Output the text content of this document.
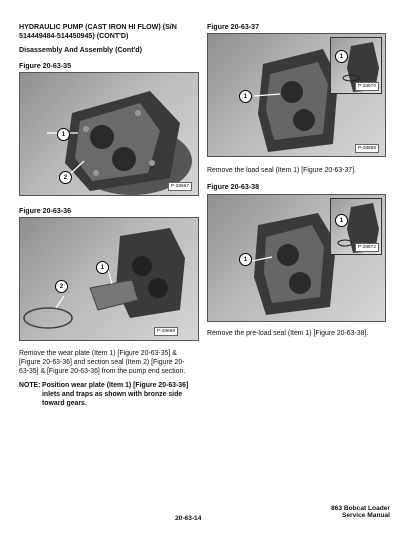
HYDRAULIC PUMP (CAST IRON HI FLOW) (S/N
514449484-514450945) (CONT'D)
Disassembly And Assembly (Cont'd)
Figure 20-63-35
1
2
P-28667
Figure 20-63-36
1
2
P-28668
Remove the wear plate (Item 1) [Figure 20-63-35] &
[Figure 20-63-36] and section seal (Item 2) [Figure 20-
63-35] & [Figure 20-63-36] from the pump end section.
NOTE: Position wear plate (Item 1) [Figure 20-63-36]
inlets and traps as shown with bronze side
toward gears.
Figure 20-63-37
1
P-28670
1
P-28669
Remove the load seal (Item 1) [Figure 20-63-37].
Figure 20-63-38
1
P-28672
1
Remove the pre-load seal (Item 1) [Figure 20-63-38].
20-63-14
863 Bobcat Loader
Service Manual
